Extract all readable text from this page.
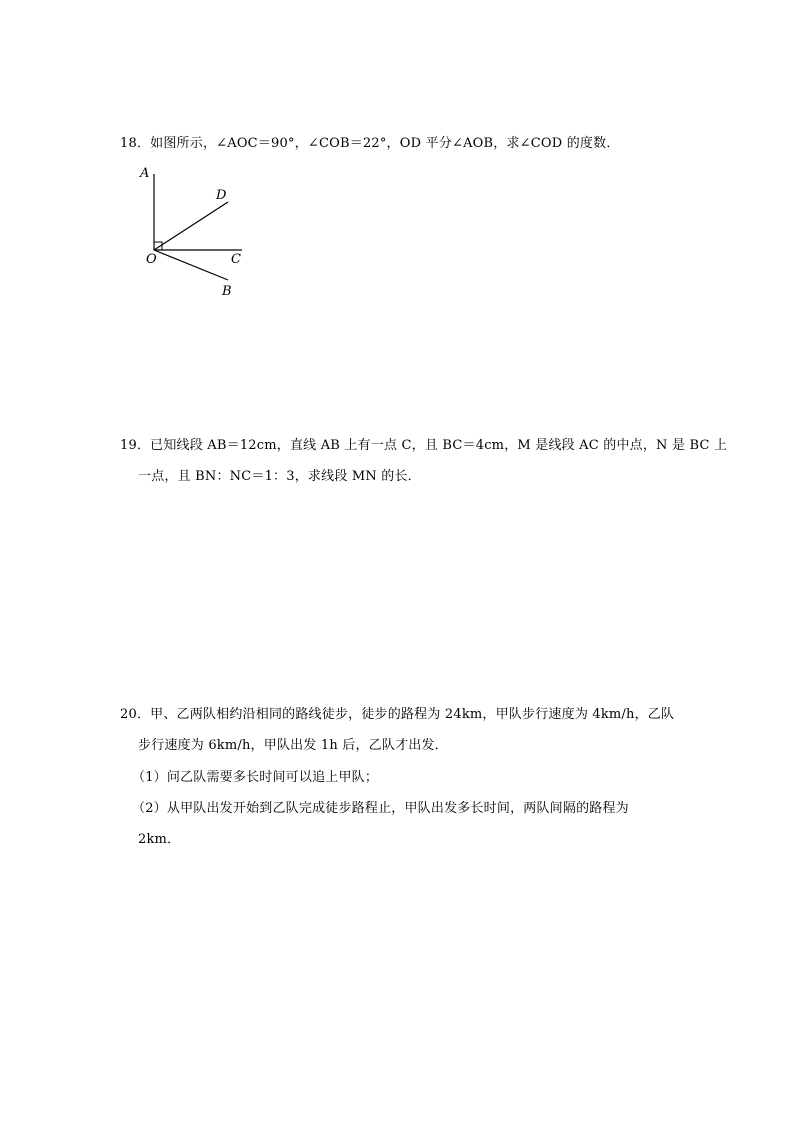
18．如图所示，∠AOC＝90°，∠COB＝22°，OD 平分∠AOB，求∠COD 的度数．
A
D
O	C
B
19．已知线段 AB＝12cm，直线 AB 上有一点 C，且 BC＝4cm，M 是线段 AC 的中点，N 是 BC 上
一点，且 BN：NC＝1：3，求线段 MN 的长．
20．甲、乙两队相约沿相同的路线徒步，徒步的路程为 24km，甲队步行速度为 4km/h，乙队
步行速度为 6km/h，甲队出发 1h 后，乙队才出发．
（1）问乙队需要多长时间可以追上甲队；
（2）从甲队出发开始到乙队完成徒步路程止，甲队出发多长时间，两队间隔的路程为
2km．
